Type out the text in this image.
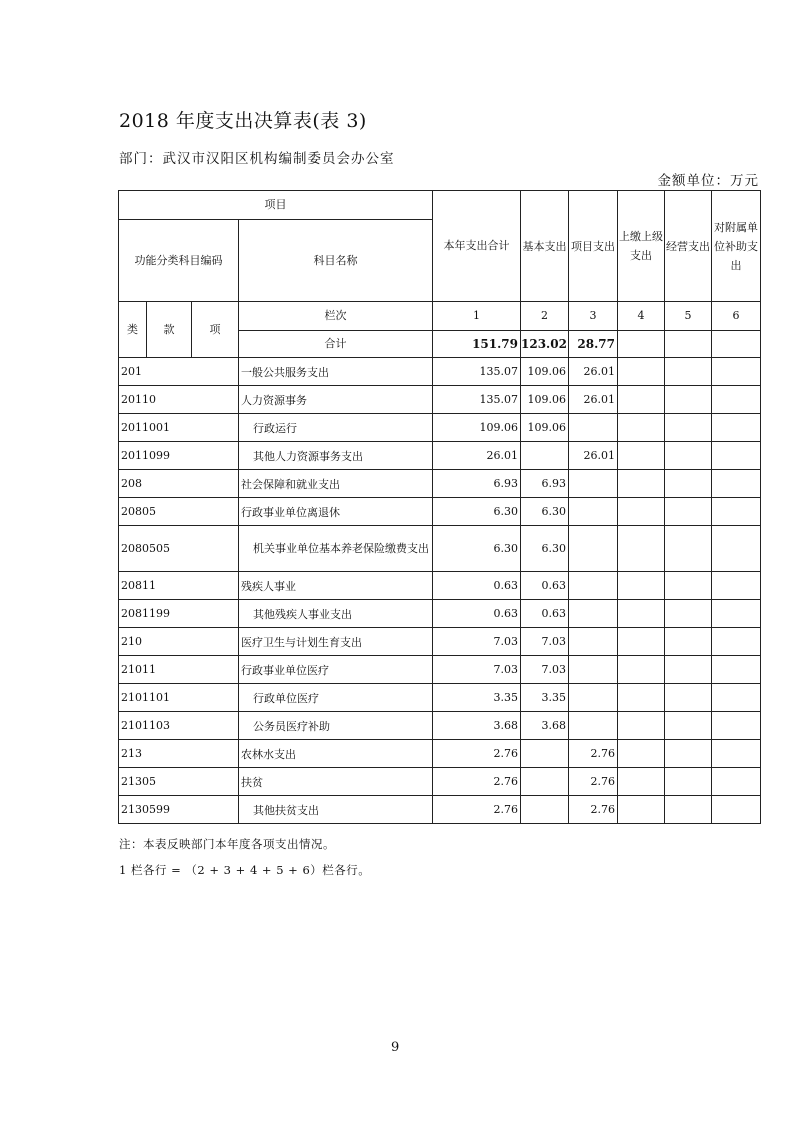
2018 年度支出决算表(表 3)
部门：武汉市汉阳区机构编制委员会办公室
金额单位：万元
项目				本年支出合计	基本支出	项目支出	上缴上级支出	经营支出	对附属单位补助支出
功能分类科目编码			科目名称						
类	款	项	栏次	1	2	3	4	5	6
			合计	151.79	123.02	28.77			
201			一般公共服务支出	135.07	109.06	26.01			
20110			人力资源事务	135.07	109.06	26.01			
2011001			行政运行	109.06	109.06				
2011099			其他人力资源事务支出	26.01		26.01			
208			社会保障和就业支出	6.93	6.93				
20805			行政事业单位离退休	6.30	6.30				
2080505			机关事业单位基本养老保险缴费支出	6.30	6.30				
20811			残疾人事业	0.63	0.63				
2081199			其他残疾人事业支出	0.63	0.63				
210			医疗卫生与计划生育支出	7.03	7.03				
21011			行政事业单位医疗	7.03	7.03				
2101101			行政单位医疗	3.35	3.35				
2101103			公务员医疗补助	3.68	3.68				
213			农林水支出	2.76		2.76			
21305			扶贫	2.76		2.76			
2130599			其他扶贫支出	2.76		2.76			
注：本表反映部门本年度各项支出情况。
1 栏各行 = （2 + 3 + 4 + 5 + 6）栏各行。
9
